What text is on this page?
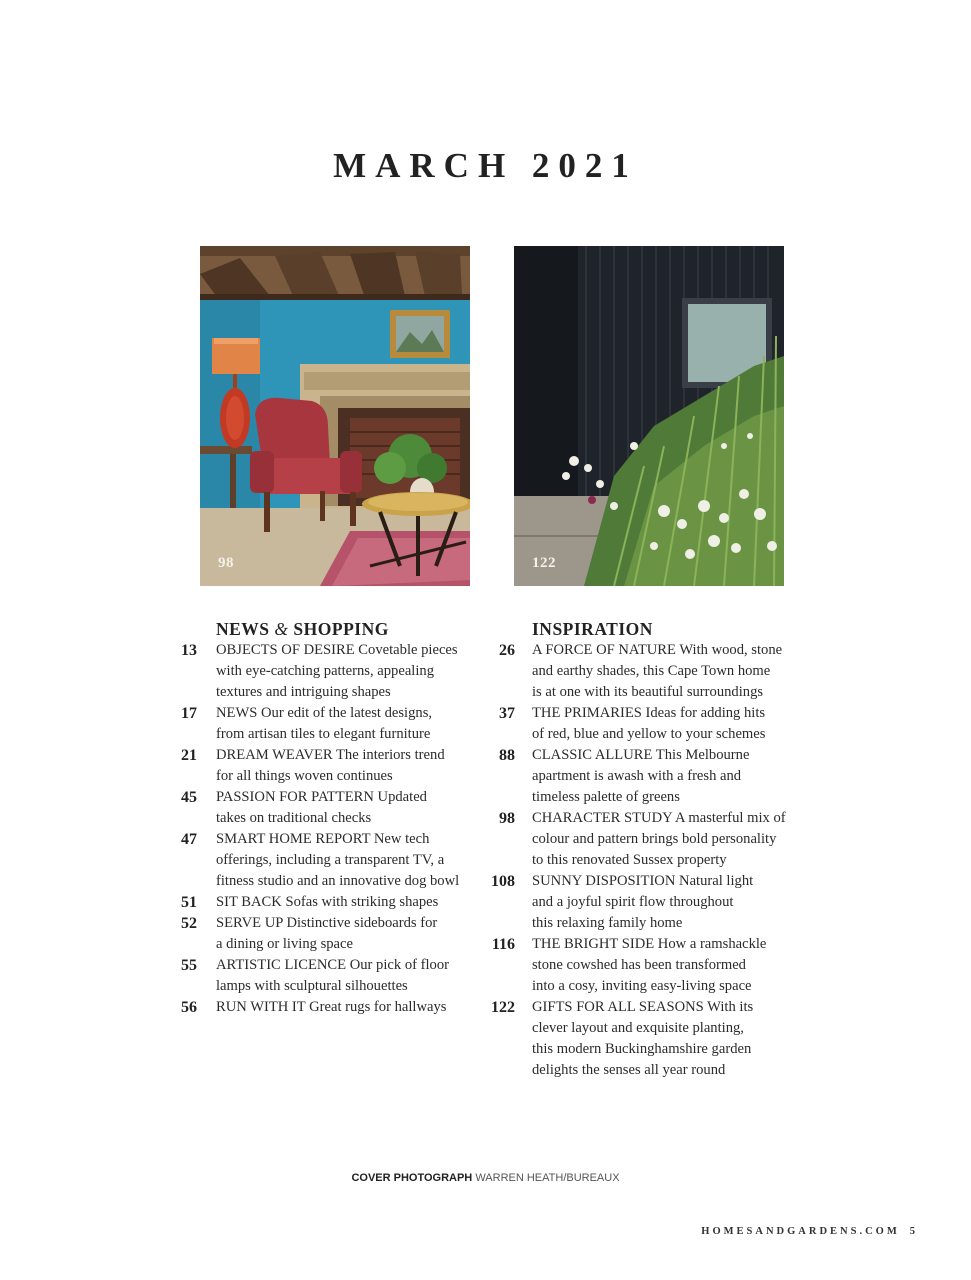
MARCH 2021
98	122
NEWS & SHOPPING
13 OBJECTS OF DESIRE Covetable pieces
with eye-catching patterns, appealing
textures and intriguing shapes
17 NEWS Our edit of the latest designs,
from artisan tiles to elegant furniture
21 DREAM WEAVER The interiors trend
for all things woven continues
45 PASSION FOR PATTERN Updated
takes on traditional checks
47 SMART HOME REPORT New tech
offerings, including a transparent TV, a
fitness studio and an innovative dog bowl
51 SIT BACK Sofas with striking shapes
52 SERVE UP Distinctive sideboards for
a dining or living space
55 ARTISTIC LICENCE Our pick of floor
lamps with sculptural silhouettes
56 RUN WITH IT Great rugs for hallways
INSPIRATION
26 A FORCE OF NATURE With wood, stone
and earthy shades, this Cape Town home
is at one with its beautiful surroundings
37 THE PRIMARIES Ideas for adding hits
of red, blue and yellow to your schemes
88 CLASSIC ALLURE This Melbourne
apartment is awash with a fresh and
timeless palette of greens
98 CHARACTER STUDY A masterful mix of
colour and pattern brings bold personality
to this renovated Sussex property
108 SUNNY DISPOSITION Natural light
and a joyful spirit flow throughout
this relaxing family home
116 THE BRIGHT SIDE How a ramshackle
stone cowshed has been transformed
into a cosy, inviting easy-living space
122 GIFTS FOR ALL SEASONS With its
clever layout and exquisite planting,
this modern Buckinghamshire garden
delights the senses all year round
COVER PHOTOGRAPH WARREN HEATH/BUREAUX
HOMESANDGARDENS.COM 5
